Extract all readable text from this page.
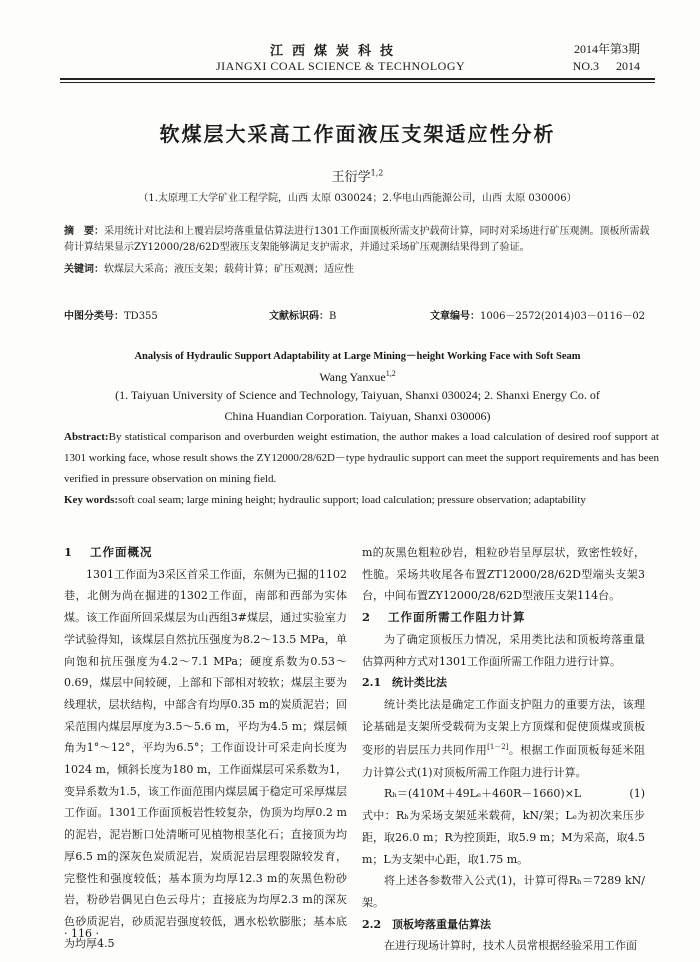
江西煤炭科技
JIANGXI COAL SCIENCE & TECHNOLOGY
2014年第3期
NO.3 2014
软煤层大采高工作面液压支架适应性分析
王衍学$^{1,2}$
（1.太原理工大学矿业工程学院，山西 太原 030024；2.华电山西能源公司，山西 太原 030006）
摘　要：采用统计对比法和上覆岩层垮落重量估算法进行1301工作面顶板所需支护载荷计算，同时对采场进行矿压观测。顶板所需载荷计算结果显示ZY12000/28/62D型液压支架能够满足支护需求，并通过采场矿压观测结果得到了验证。
关键词：软煤层大采高；液压支架；载荷计算；矿压观测；适应性
中图分类号：TD355	文献标识码：B	文章编号：1006－2572(2014)03－0116－02
Analysis of Hydraulic Support Adaptability at Large Mining－height Working Face with Soft Seam
Wang Yanxue$^{1,2}$
(1. Taiyuan University of Science and Technology, Taiyuan, Shanxi 030024; 2. Shanxi Energy Co. of
China Huandian Corporation. Taiyuan, Shanxi 030006)
Abstract:By statistical comparison and overburden weight estimation, the author makes a load calculation of desired roof support at 1301 working face, whose result shows the ZY12000/28/62D－type hydraulic support can meet the support requirements and has been verified in pressure observation on mining field.
Key words:soft coal seam; large mining height; hydraulic support; load calculation; pressure observation; adaptability

1 工作面概况

1301工作面为3采区首采工作面，东侧为已掘的1102巷，北侧为尚在掘进的1302工作面，南部和西部为实体煤。该工作面所回采煤层为山西组3#煤层，通过实验室力学试验得知，该煤层自然抗压强度为8.2～13.5 MPa，单向饱和抗压强度为4.2～7.1 MPa；硬度系数为0.53～0.69，煤层中间较硬，上部和下部相对较软；煤层主要为线理状，层状结构，中部含有均厚0.35 m的炭质泥岩；回采范围内煤层厚度为3.5～5.6 m，平均为4.5 m；煤层倾角为1°～12°，平均为6.5°；工作面设计可采走向长度为1024 m，倾斜长度为180 m，工作面煤层可采系数为1，变异系数为1.5，该工作面范围内煤层属于稳定可采厚煤层工作面。1301工作面顶板岩性较复杂，伪顶为均厚0.2 m的泥岩，泥岩断口处清晰可见植物根茎化石；直接顶为均厚6.5 m的深灰色炭质泥岩，炭质泥岩层理裂隙较发育，完整性和强度较低；基本顶为均厚12.3 m的灰黑色粉砂岩，粉砂岩偶见白色云母片；直接底为均厚2.3 m的深灰色砂质泥岩，砂质泥岩强度较低，遇水松软膨胀；基本底为均厚4.5

m的灰黑色粗粒砂岩，粗粒砂岩呈厚层状，致密性较好，性脆。采场共收尾各布置ZT12000/28/62D型端头支架3台，中间布置ZY12000/28/62D型液压支架114台。

2 工作面所需工作阻力计算

为了确定顶板压力情况，采用类比法和顶板垮落重量估算两种方式对1301工作面所需工作阻力进行计算。

2.1 统计类比法

统计类比法是确定工作面支护阻力的重要方法，该理论基础是支架所受载荷为支架上方顶煤和促使顶煤或顶板变形的岩层压力共同作用[1－2]。根据工作面顶板每延米阻力计算公式(1)对顶板所需工作阻力进行计算。

Rₕ＝(410M＋49Lₑ＋460R－1660)×L	(1)

式中：Rₕ为采场支架延米载荷，kN/架；Lₑ为初次来压步距，取26.0 m；R为控顶距，取5.9 m；M为采高，取4.5 m；L为支架中心距，取1.75 m。

将上述各参数带入公式(1)，计算可得Rₕ＝7289 kN/架。

2.2 顶板垮落重量估算法

在进行现场计算时，技术人员常根据经验采用工作面

· 116 ·
